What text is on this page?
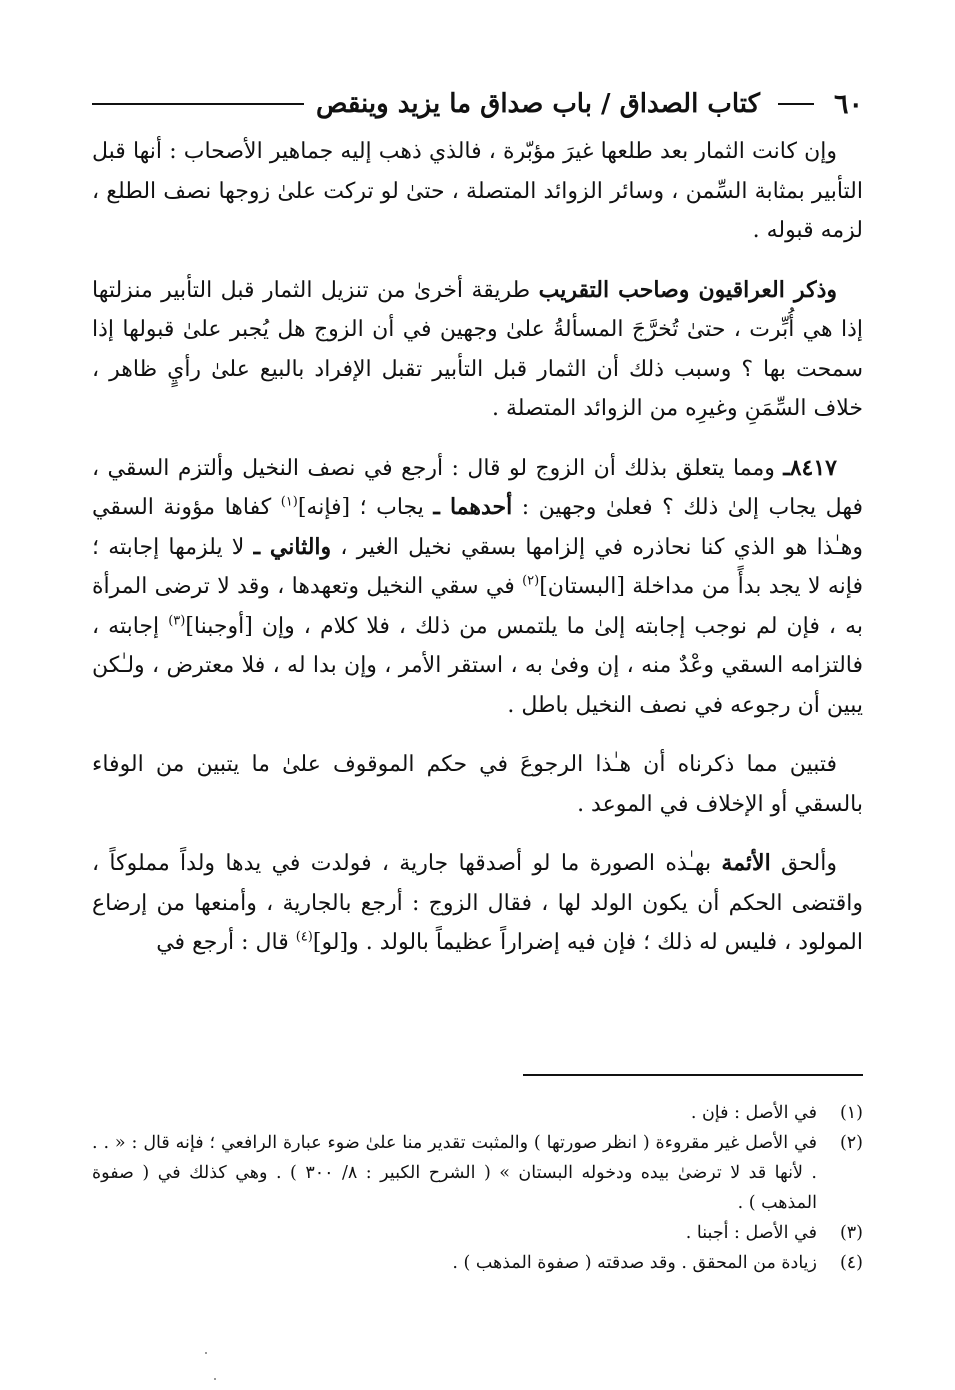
٦٠
كتاب الصداق / باب صداق ما يزيد وينقص

وإن كانت الثمار بعد طلعها غيرَ مؤبّرة ، فالذي ذهب إليه جماهير الأصحاب : أنها قبل التأبير بمثابة السِّمن ، وسائر الزوائد المتصلة ، حتىٰ لو تركت علىٰ زوجها نصف الطلع ، لزمه قبوله .

وذكر العراقيون وصاحب التقريب طريقة أخرىٰ من تنزيل الثمار قبل التأبير منزلتها إذا هي أُبِّرت ، حتىٰ تُخرَّجَ المسألةُ علىٰ وجهين في أن الزوج هل يُجبر علىٰ قبولها إذا سمحت بها ؟ وسبب ذلك أن الثمار قبل التأبير تقبل الإفراد بالبيع علىٰ رأيٍ ظاهر ، خلاف السِّمَنِ وغيرِه من الزوائد المتصلة .

٨٤١٧ـ ومما يتعلق بذلك أن الزوج لو قال : أرجع في نصف النخيل وألتزم السقي ، فهل يجاب إلىٰ ذلك ؟ فعلىٰ وجهين : أحدهما ـ يجاب ؛ [فإنه]$^{(١)}$ كفاها مؤونة السقي وهـٰذا هو الذي كنا نحاذره في إلزامها بسقي نخيل الغير ، والثاني ـ لا يلزمها إجابته ؛ فإنه لا يجد بدأً من مداخلة [البستان]$^{(٢)}$ في سقي النخيل وتعهدها ، وقد لا ترضى المرأة به ، فإن لم نوجب إجابته إلىٰ ما يلتمس من ذلك ، فلا كلام ، وإن [أوجبنا]$^{(٣)}$ إجابته ، فالتزامه السقي وعْدٌ منه ، إن وفىٰ به ، استقر الأمر ، وإن بدا له ، فلا معترض ، ولـٰكن يبين أن رجوعه في نصف النخيل باطل .

فتبين مما ذكرناه أن هـٰذا الرجوعَ في حكم الموقوف علىٰ ما يتبين من الوفاء بالسقي أو الإخلاف في الموعد .

وألحق الأئمة بهـٰذه الصورة ما لو أصدقها جارية ، فولدت في يدها ولداً مملوكاً ، واقتضى الحكم أن يكون الولد لها ، فقال الزوج : أرجع بالجارية ، وأمنعها من إرضاع المولود ، فليس له ذلك ؛ فإن فيه إضراراً عظيماً بالولد . و[لو]$^{(٤)}$ قال : أرجع في

(١)
في الأصل : فإن .
(٢)
في الأصل غير مقروءة ( انظر صورتها ) والمثبت تقدير منا علىٰ ضوء عبارة الرافعي ؛ فإنه قال : « . . . لأنها قد لا ترضىٰ بيده ودخوله البستان » ( الشرح الكبير : ٨/ ٣٠٠ ) . وهي كذلك في ( صفوة المذهب ) .
(٣)
في الأصل : أجبنا .
(٤)
زيادة من المحقق . وقد صدقته ( صفوة المذهب ) .
